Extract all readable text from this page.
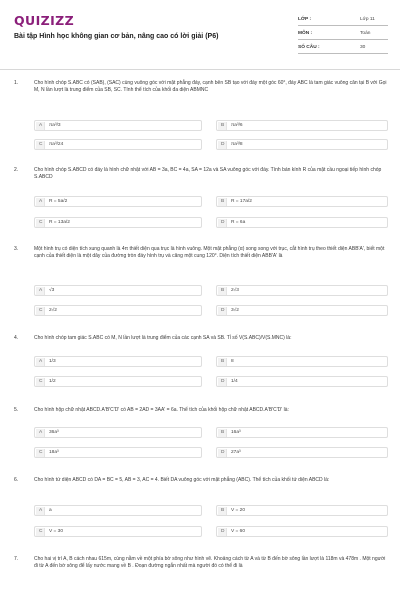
QUIZIZZ
Bài tập Hình học không gian cơ bản, nâng cao có lời giải (P6)
LỚP :	Lớp 11
MÔN :	Toán
SỐ CÂU :	30
1.	Cho hình chóp S.ABC có (SAB), (SAC) cùng vuông góc với mặt phẳng đáy, cạnh bên SB tạo với đáy một góc 60°, đáy ABC là tam giác vuông cân tại B với Gọi M, N lần lượt là trung điểm của SB, SC. Tính thể tích của khối đa diện ABMNC
A πa³/3	B πa³/6
C πa³/24	D πa³/8
2.	Cho hình chóp S.ABCD có đáy là hình chữ nhật với AB = 3a, BC = 4a, SA = 12a và SA vuông góc với đáy. Tính bán kính R của mặt cầu ngoại tiếp hình chóp S.ABCD
A R = 5a/2	B R = 17a/2
C R = 13a/2	D R = 6a
3.	Một hình trụ có diện tích xung quanh là 4π thiết diện qua trục là hình vuông. Một mặt phẳng (α) song song với trục, cắt hình trụ theo thiết diện ABB'A', biết một cạnh của thiết diện là một dây của đường tròn đáy hình trụ và căng một cung 120°. Diện tích thiết diện ABB'A' là
A √3	B 2√3
C 2√2	D 3√2
4.	Cho hình chóp tam giác S.ABC có M, N lần lượt là trung điểm của các cạnh SA và SB. Tỉ số V(S.ABC)/V(S.MNC) là:
A 1/3	B 8
C 1/2	D 1/4
5.	Cho hình hộp chữ nhật ABCD.A'B'C'D' có AB = 2AD = 3AA' = 6a. Thể tích của khối hộp chữ nhật ABCD.A'B'C'D' là:
A 36a³	B 16a³
C 18a³	D 27a³
6.	Cho hình tứ diện ABCD có DA = BC = 5, AB = 3, AC = 4. Biết DA vuông góc với mặt phẳng (ABC). Thể tích của khối tứ diện ABCD là:
A a	B V = 20
C V = 30	D V = 60
7.	Cho hai vị trí A, B cách nhau 615m, cùng nằm về một phía bờ sông như hình vẽ. Khoảng cách từ A và từ B đến bờ sông lần lượt là 118m và 478m . Một người đi từ A đến bờ sông để lấy nước mang về B . Đoạn đường ngắn nhất mà người đó có thể đi là
